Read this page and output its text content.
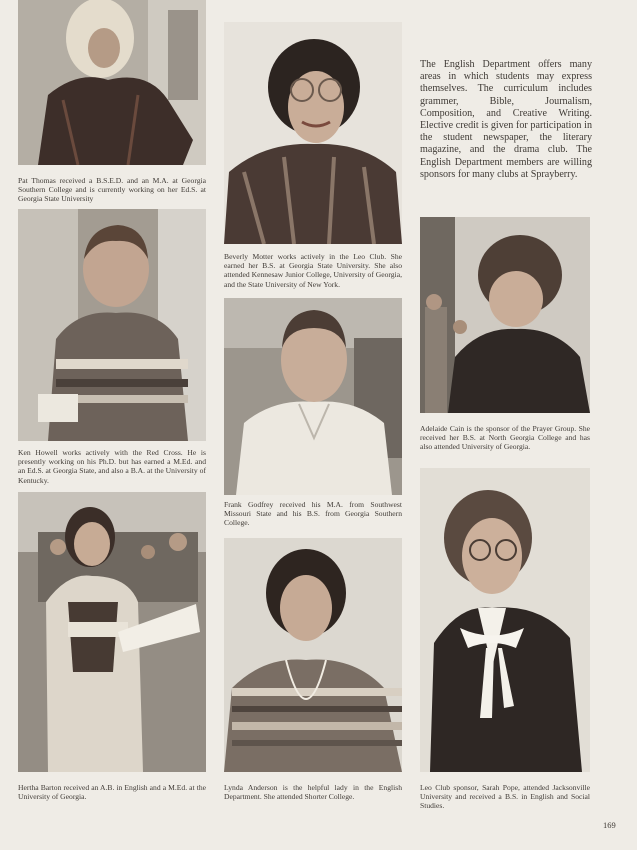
Pat Thomas received a B.S.E.D. and an M.A. at Georgia Southern College and is currently working on her Ed.S. at Georgia State University
Ken Howell works actively with the Red Cross. He is presently working on his Ph.D. but has earned a M.Ed. and an Ed.S. at Georgia State, and also a B.A. at the University of Kentucky.
Hertha Barton received an A.B. in English and a M.Ed. at the University of Georgia.
Beverly Motter works actively in the Leo Club. She earned her B.S. at Georgia State University. She also attended Kennesaw Junior College, University of Georgia, and the State University of New York.
Frank Godfrey received his M.A. from Southwest Missouri State and his B.S. from Georgia Southern College.
Lynda Anderson is the helpful lady in the English Department. She attended Shorter College.
The English Department offers many areas in which students may express themselves. The curriculum includes grammer, Bible, Journalism, Composition, and Creative Writing. Elective credit is given for participation in the student newspaper, the literary magazine, and the drama club. The English Department members are willing sponsors for many clubs at Sprayberry.
Adelaide Cain is the sponsor of the Prayer Group. She received her B.S. at North Georgia College and has also attended University of Georgia.
Leo Club sponsor, Sarah Pope, attended Jacksonville University and received a B.S. in English and Social Studies.
169
